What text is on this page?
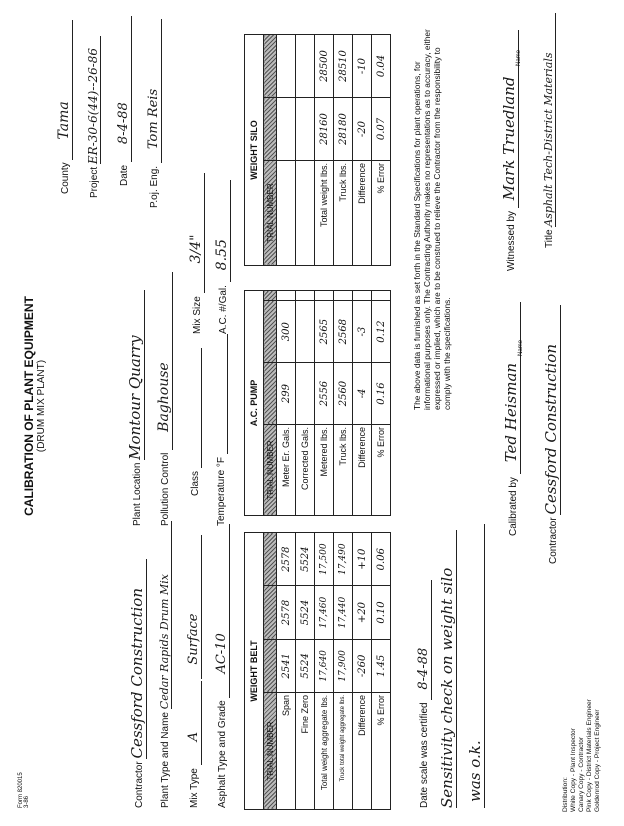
Form 820015 3-86
CALIBRATION OF PLANT EQUIPMENT (DRUM MIX PLANT)
County Tama
Project ER-30-6(44)--26-86
Date 8-4-88
P.oj. Eng. Tom Reis
Contractor Cessford Construction
Plant Location Montour Quarry
Plant Type and Name Cedar Rapids Drum Mix
Pollution Control Baghouse
Mix Type A Surface
Class
Mix Size 3/4"
Asphalt Type and Grade AC-10
Temperature °F
A.C. #/Gal. 8.55
WEIGHT BELT			
TRIAL NUMBER			
Span	2541	2578	2578
Fine Zero	5524	5524	5524
Total weight aggregate lbs.	17,640	17,460	17,500
Truck total weight aggregate lbs.	17,900	17,440	17,490
Difference	-260	+20	+10
% Error	1.45	0.10	0.06
A.C. PUMP			
TRIAL NUMBER			
Meter Er. Gals.	299	300	
Corrected Gals.			
Metered lbs.	2556	2565	
Truck lbs.	2560	2568	
Difference	-4	-3	
% Error	0.16	0.12	
WEIGHT SILO		
TRIAL NUMBER		

Total weight lbs.	28160	28500
Truck lbs.	28180	28510
Difference	-20	-10
% Error	0.07	0.04
Date scale was certified 8-4-88 Sensitivity check on weight silo was o.k.
The above data is furnished as set forth in the Standard Specifications for plant operations, for informational purposes only. The Contracting Authority makes no representations as to accuracy, either expressed or implied, which are to be construed to relieve the Contractor from the responsibility to comply with the specifications.
Calibrated by Ted Heisman
Name
Witnessed by Mark Truedland
Name
Contractor Cessford Construction
Title Asphalt Tech-District Materials
Distribution: White Copy - Plant Inspector Canary Copy - Contractor Pink Copy - District Materials Engineer Goldenrod Copy - Project Engineer
